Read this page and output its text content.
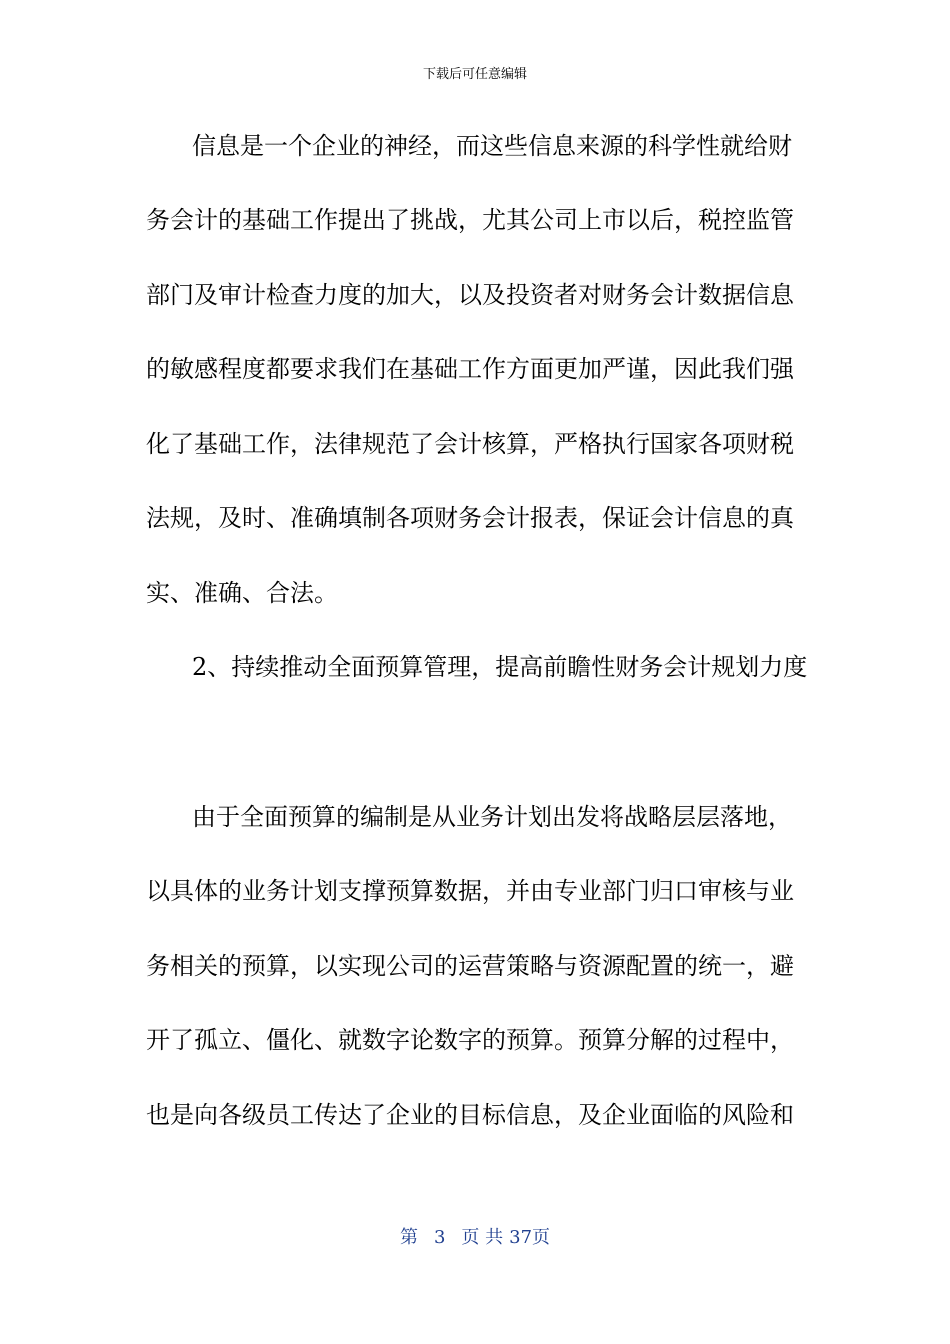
下载后可任意编辑
信息是一个企业的神经，而这些信息来源的科学性就给财
务会计的基础工作提出了挑战，尤其公司上市以后，税控监管
部门及审计检查力度的加大，以及投资者对财务会计数据信息
的敏感程度都要求我们在基础工作方面更加严谨，因此我们强
化了基础工作，法律规范了会计核算，严格执行国家各项财税
法规，及时、准确填制各项财务会计报表，保证会计信息的真
实、准确、合法。
2、持续推动全面预算管理，提高前瞻性财务会计规划力度
由于全面预算的编制是从业务计划出发将战略层层落地，
以具体的业务计划支撑预算数据，并由专业部门归口审核与业
务相关的预算，以实现公司的运营策略与资源配置的统一，避
开了孤立、僵化、就数字论数字的预算。预算分解的过程中，
也是向各级员工传达了企业的目标信息，及企业面临的风险和
第 3 页 共 37页
